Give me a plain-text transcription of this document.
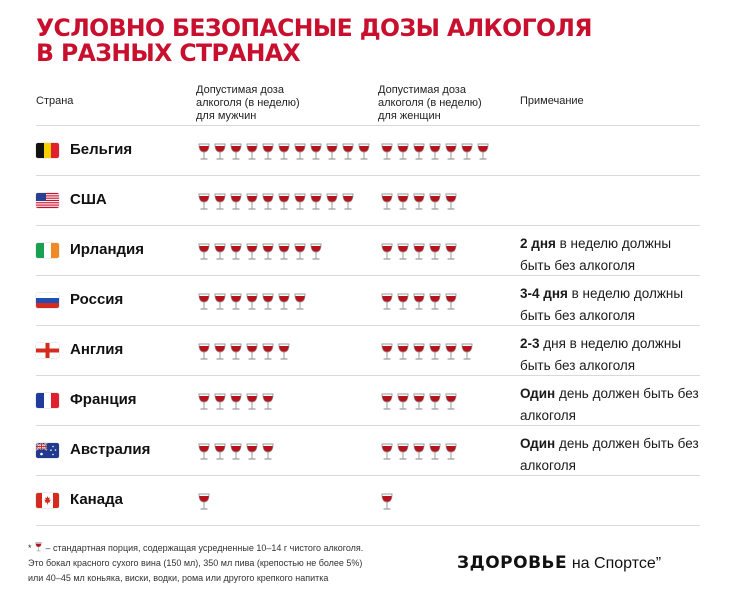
УСЛОВНО БЕЗОПАСНЫЕ ДОЗЫ АЛКОГОЛЯ
В РАЗНЫХ СТРАНАХ
Страна
Допустимая доза
алкоголя (в неделю)
для мужчин
Допустимая доза
алкоголя (в неделю)
для женщин
Примечание
Бельгия
США
Ирландия	2 дня в неделю должны быть без алкоголя
Россия	3-4 дня в неделю должны быть без алкоголя
Англия	2-3 дня в неделю должны быть без алкоголя
Франция	Один день должен быть без алкоголя
Австралия	Один день должен быть без алкоголя
Канада
*  – стандартная порция, содержащая усредненные 10–14 г чистого алкоголя.
Это бокал красного сухого вина (150 мл), 350 мл пива (крепостью не более 5%)
или 40–45 мл коньяка, виски, водки, рома или другого крепкого напитка
ЗДОРОВЬЕ на Спортсе”
